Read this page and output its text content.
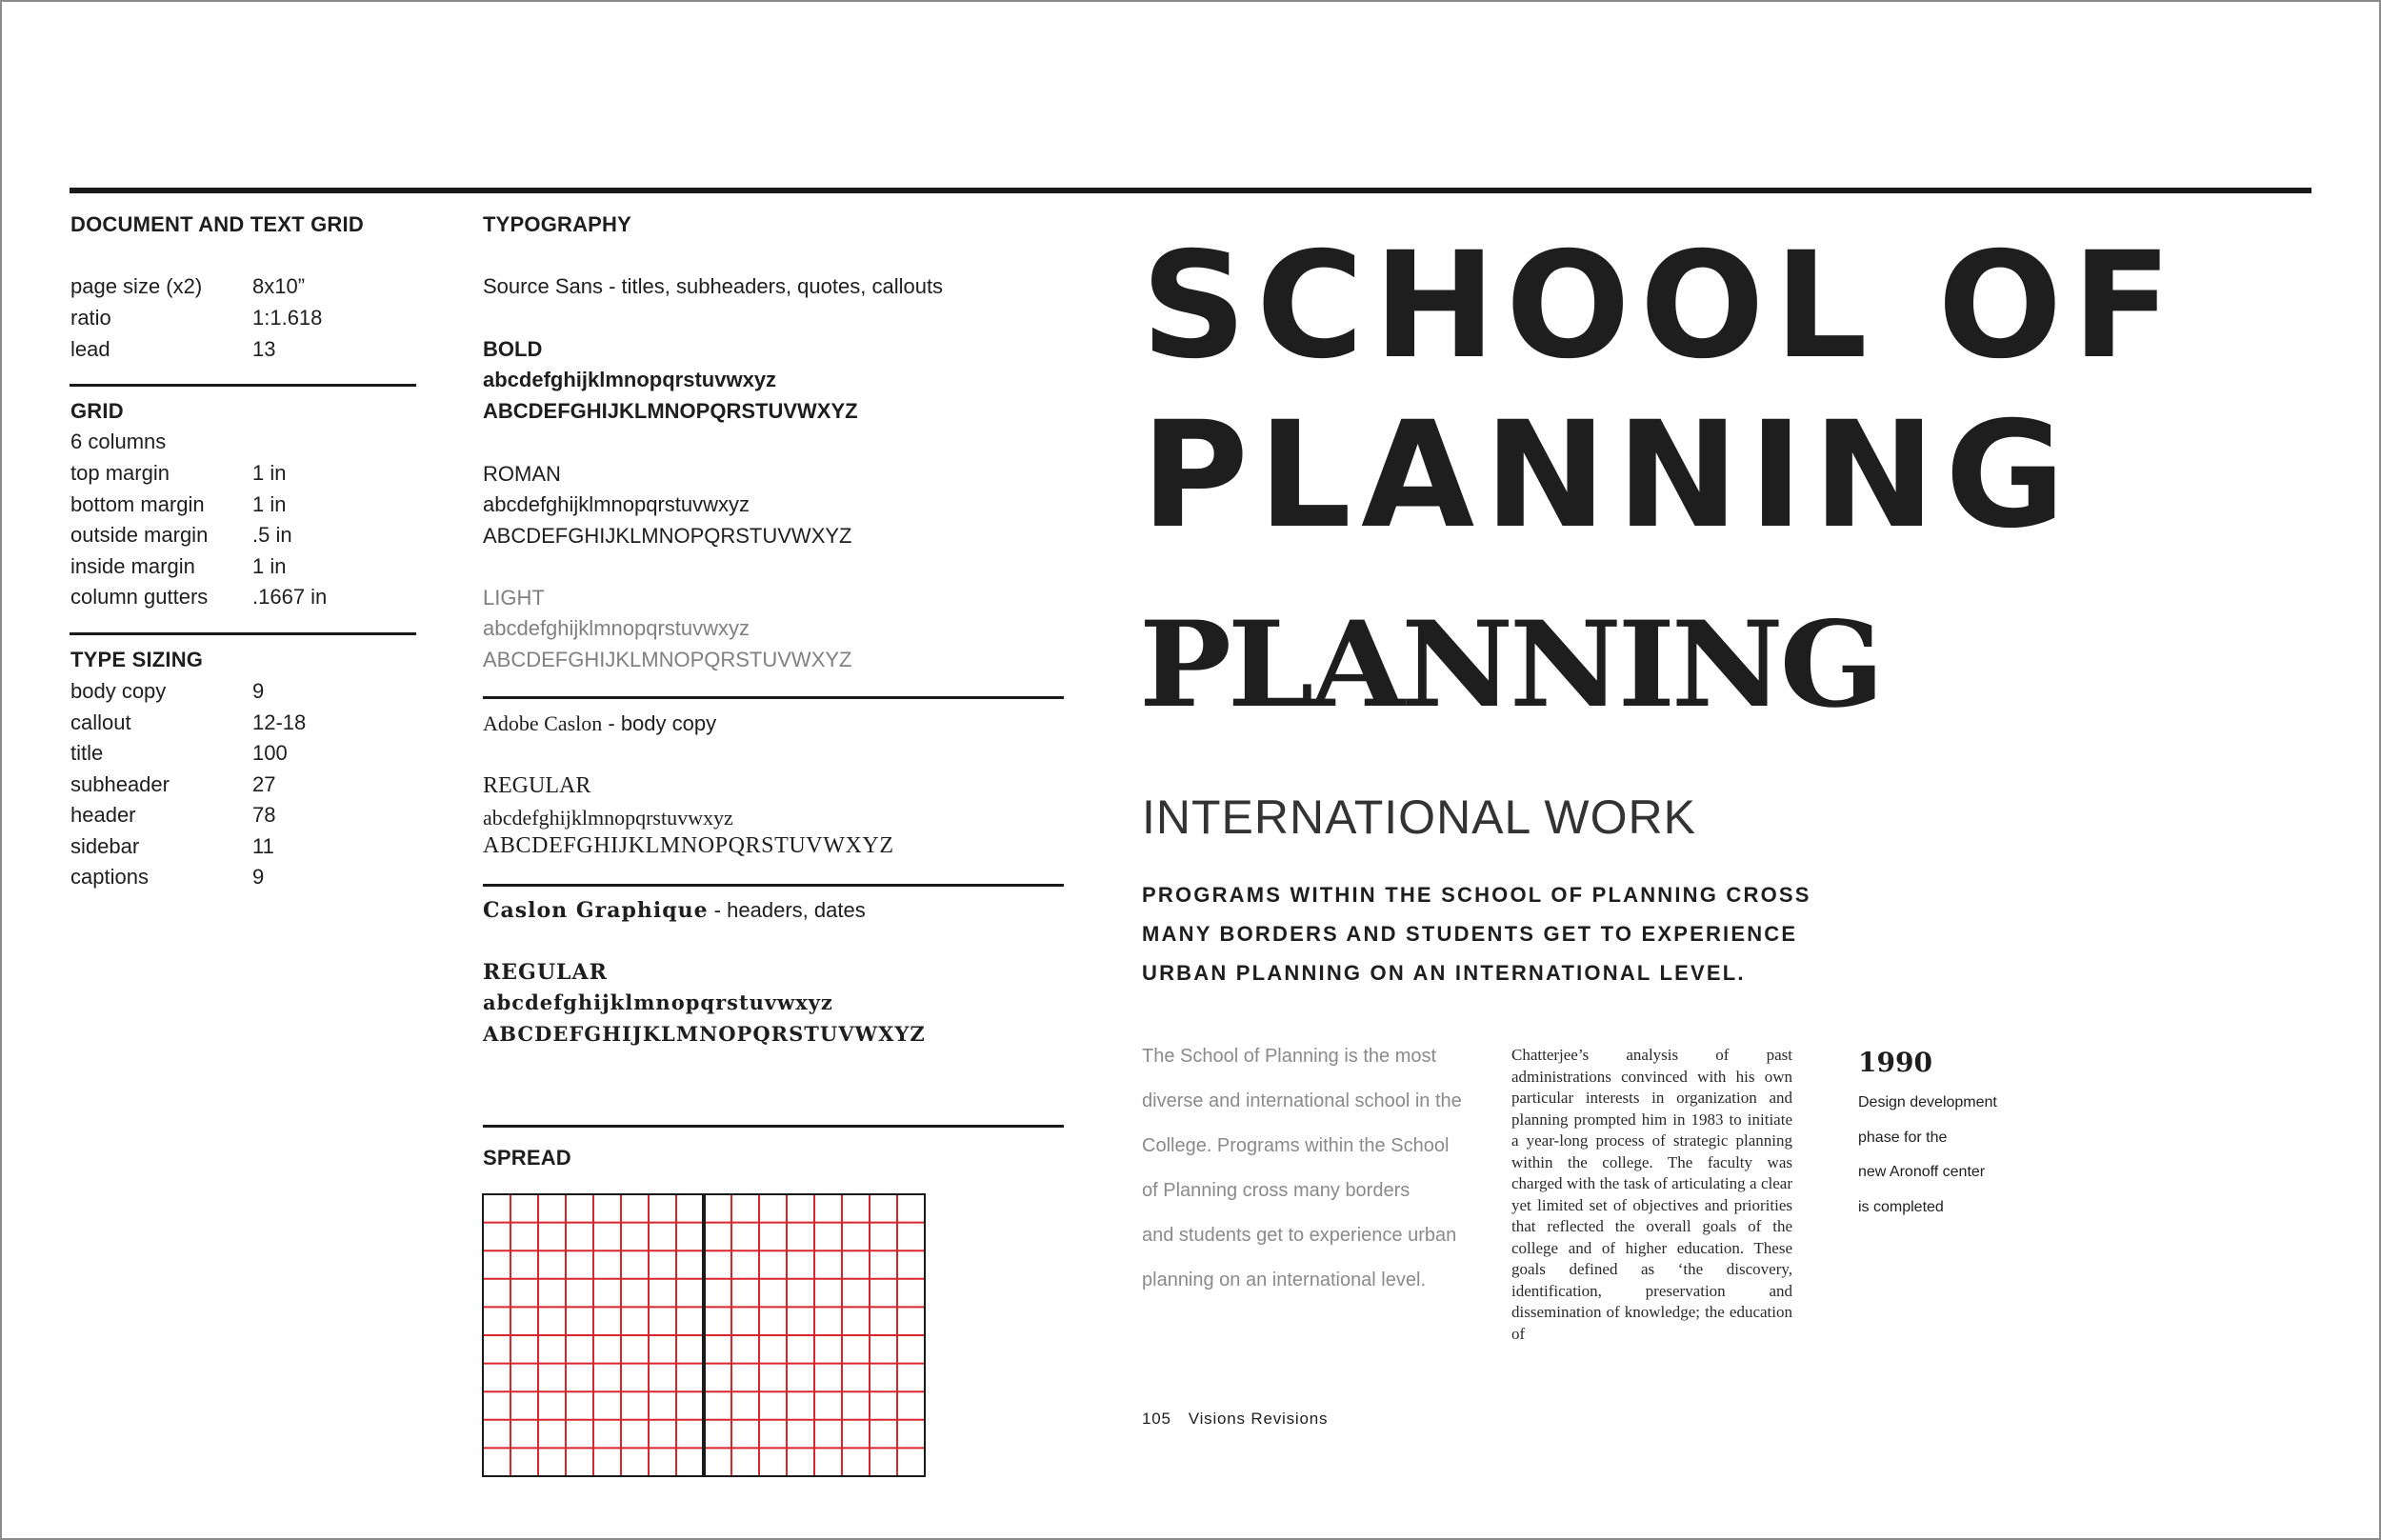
DOCUMENT AND TEXT GRID
page size (x2) 8x10”
ratio	1:1.618
lead	13
GRID
6 columns
top margin	1 in
bottom margin 1 in
outside margin .5 in
inside margin	1 in
column gutters .1667 in
TYPE SIZING
body copy	9
callout	12-18
title	100
subheader	27
header	78
sidebar	11
captions	9
TYPOGRAPHY
Source Sans - titles, subheaders, quotes, callouts
BOLD
abcdefghijklmnopqrstuvwxyz
ABCDEFGHIJKLMNOPQRSTUVWXYZ
ROMAN
abcdefghijklmnopqrstuvwxyz
ABCDEFGHIJKLMNOPQRSTUVWXYZ
LIGHT
abcdefghijklmnopqrstuvwxyz
ABCDEFGHIJKLMNOPQRSTUVWXYZ
Adobe Caslon - body copy
REGULAR
abcdefghijklmnopqrstuvwxyz
ABCDEFGHIJKLMNOPQRSTUVWXYZ
Caslon Graphique - headers, dates
REGULAR
abcdefghijklmnopqrstuvwxyz
ABCDEFGHIJKLMNOPQRSTUVWXYZ
SPREAD
SCHOOL OF
PLANNING
PLANNING
INTERNATIONAL WORK
PROGRAMS WITHIN THE SCHOOL OF PLANNING CROSS
MANY BORDERS AND STUDENTS GET TO EXPERIENCE
URBAN PLANNING ON AN INTERNATIONAL LEVEL.
The School of Planning is the most
diverse and international school in the
College. Programs within the School
of Planning cross many borders
and students get to experience urban
planning on an international level.
Chatterjee’s analysis of past administrations convinced with his own particular interests in organization and planning prompted him in 1983 to initiate a year-long process of strategic planning within the college. The faculty was charged with the task of articulating a clear yet limited set of objectives and priorities that reflected the overall goals of the college and of higher education. These goals defined as ‘the discovery, identification, preservation and dissemination of knowledge; the education of
1990
Design development
phase for the
new Aronoff center
is completed
105 Visions Revisions
